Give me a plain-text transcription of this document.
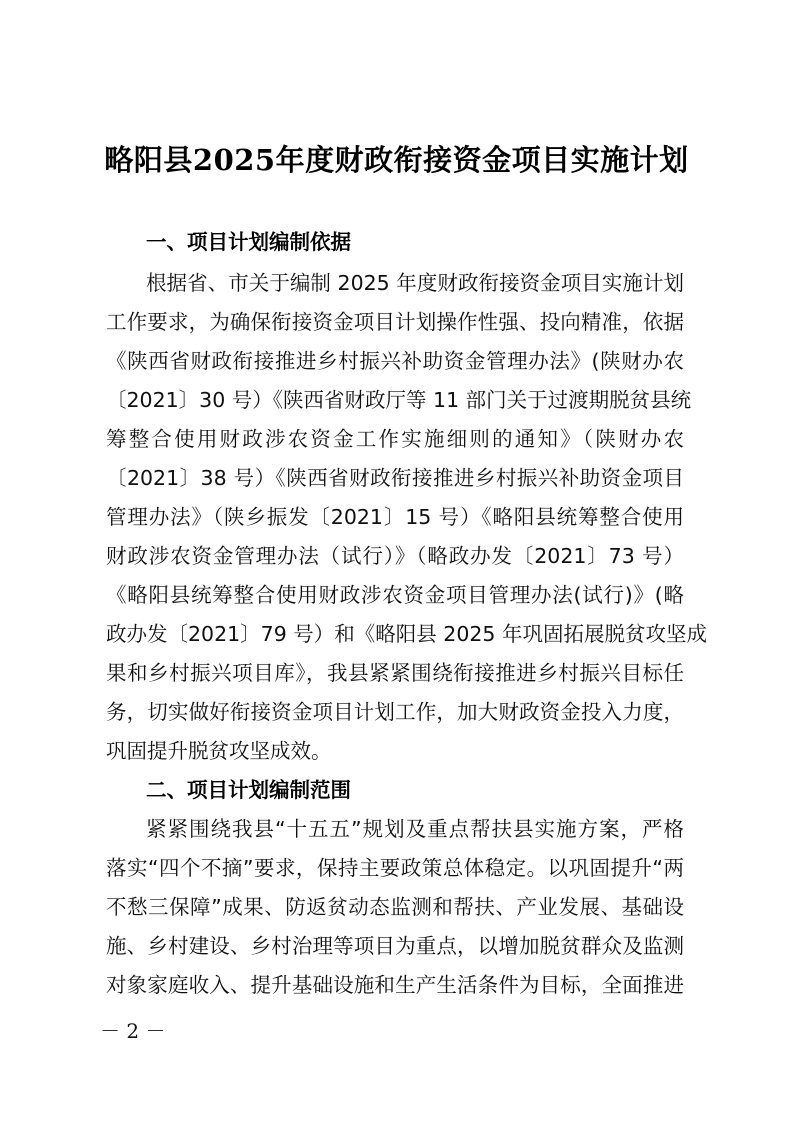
略阳县2025年度财政衔接资金项目实施计划
一、项目计划编制依据
根据省、市关于编制 2025 年度财政衔接资金项目实施计划
工作要求，为确保衔接资金项目计划操作性强、投向精准，依据
《陕西省财政衔接推进乡村振兴补助资金管理办法》(陕财办农
〔2021〕30 号）《陕西省财政厅等 11 部门关于过渡期脱贫县统
筹整合使用财政涉农资金工作实施细则的通知》（陕财办农
〔2021〕38 号）《陕西省财政衔接推进乡村振兴补助资金项目
管理办法》（陕乡振发〔2021〕15 号）《略阳县统筹整合使用
财政涉农资金管理办法（试行）》（略政办发〔2021〕73 号）
《略阳县统筹整合使用财政涉农资金项目管理办法(试行)》(略
政办发〔2021〕79 号）和《略阳县 2025 年巩固拓展脱贫攻坚成
果和乡村振兴项目库》，我县紧紧围绕衔接推进乡村振兴目标任
务，切实做好衔接资金项目计划工作，加大财政资金投入力度，
巩固提升脱贫攻坚成效。
二、项目计划编制范围
紧紧围绕我县“十五五”规划及重点帮扶县实施方案，严格
落实“四个不摘”要求，保持主要政策总体稳定。以巩固提升“两
不愁三保障”成果、防返贫动态监测和帮扶、产业发展、基础设
施、乡村建设、乡村治理等项目为重点，以增加脱贫群众及监测
对象家庭收入、提升基础设施和生产生活条件为目标，全面推进
－ 2 －
